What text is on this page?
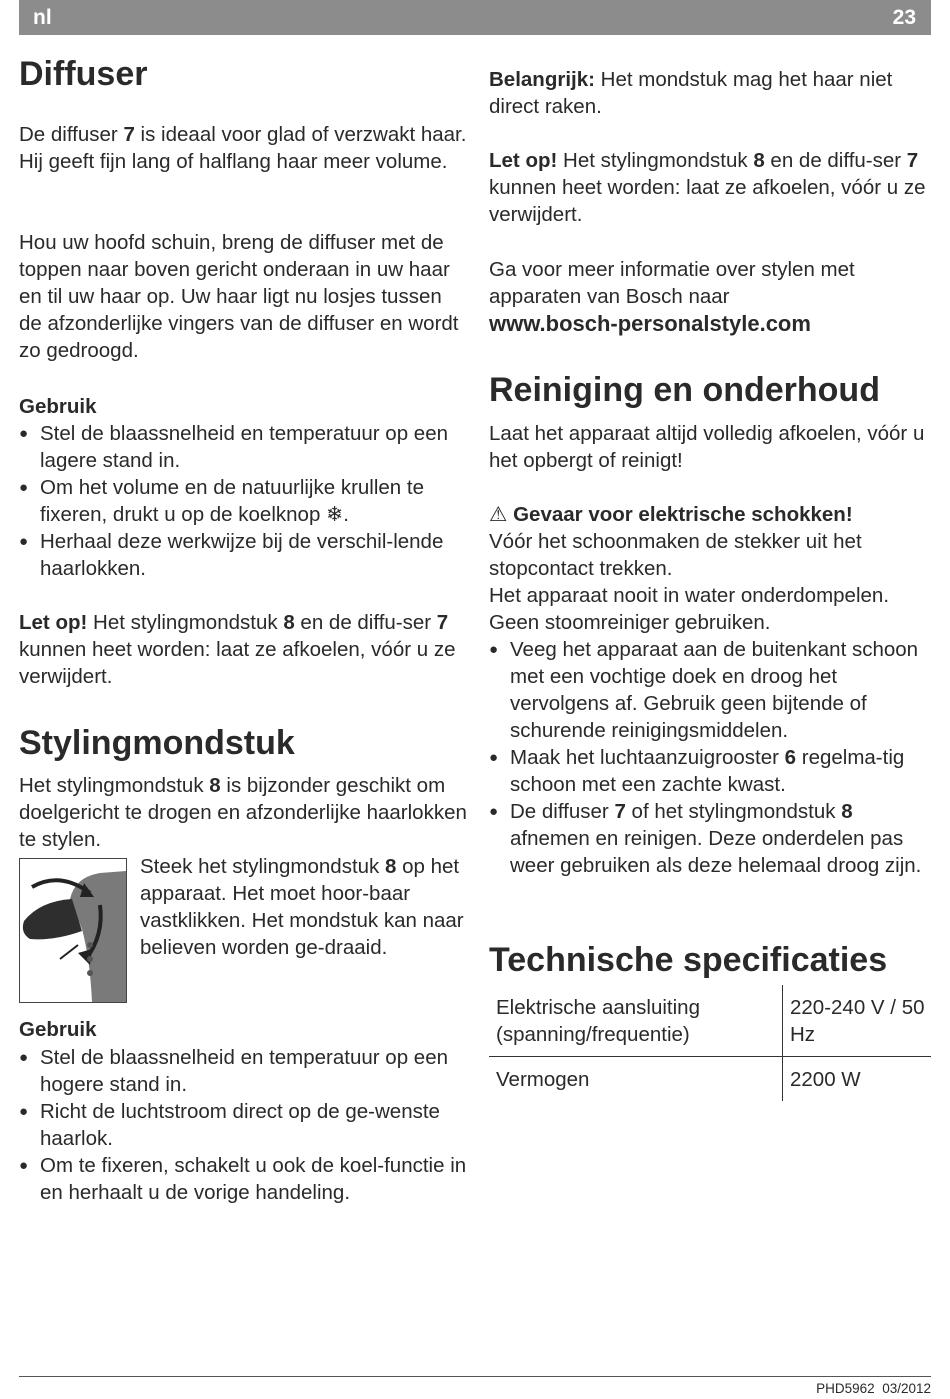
nl	23
Diffuser

De diffuser 7 is ideaal voor glad of verzwakt haar. Hij geeft fijn lang of halflang haar meer volume.

Hou uw hoofd schuin, breng de diffuser met de toppen naar boven gericht onderaan in uw haar en til uw haar op. Uw haar ligt nu losjes tussen de afzonderlijke vingers van de diffuser en wordt zo gedroogd.

Gebruik

● Stel de blaassnelheid en temperatuur op een lagere stand in.
● Om het volume en de natuurlijke krullen te fixeren, drukt u op de koelknop ❄.
● Herhaal deze werkwijze bij de verschil-lende haarlokken.

Let op! Het stylingmondstuk 8 en de diffu-ser 7 kunnen heet worden: laat ze afkoelen, vóór u ze verwijdert.

Stylingmondstuk

Het stylingmondstuk 8 is bijzonder geschikt om doelgericht te drogen en afzonderlijke haarlokken te stylen.

Steek het stylingmondstuk 8 op het apparaat. Het moet hoor-baar vastklikken. Het mondstuk kan naar believen worden ge-draaid.

Gebruik

● Stel de blaassnelheid en temperatuur op een hogere stand in.
● Richt de luchtstroom direct op de ge-wenste haarlok.
● Om te fixeren, schakelt u ook de koel-functie in en herhaalt u de vorige handeling.

Belangrijk: Het mondstuk mag het haar niet direct raken.

Let op! Het stylingmondstuk 8 en de diffu-ser 7 kunnen heet worden: laat ze afkoelen, vóór u ze verwijdert.

Ga voor meer informatie over stylen met apparaten van Bosch naar
www.bosch-personalstyle.com

Reiniging en onderhoud

Laat het apparaat altijd volledig afkoelen, vóór u het opbergt of reinigt!

⚠ Gevaar voor elektrische schokken!

Vóór het schoonmaken de stekker uit het stopcontact trekken.
Het apparaat nooit in water onderdompelen.
Geen stoomreiniger gebruiken.

● Veeg het apparaat aan de buitenkant schoon met een vochtige doek en droog het vervolgens af. Gebruik geen bijtende of schurende reinigingsmiddelen.
● Maak het luchtaanzuigrooster 6 regelma-tig schoon met een zachte kwast.
● De diffuser 7 of het stylingmondstuk 8 afnemen en reinigen. Deze onderdelen pas weer gebruiken als deze helemaal droog zijn.
Technische specificaties
Elektrische aansluiting (spanning/frequentie)	220-240 V / 50 Hz
Vermogen	2200 W
PHD5962 03/2012
